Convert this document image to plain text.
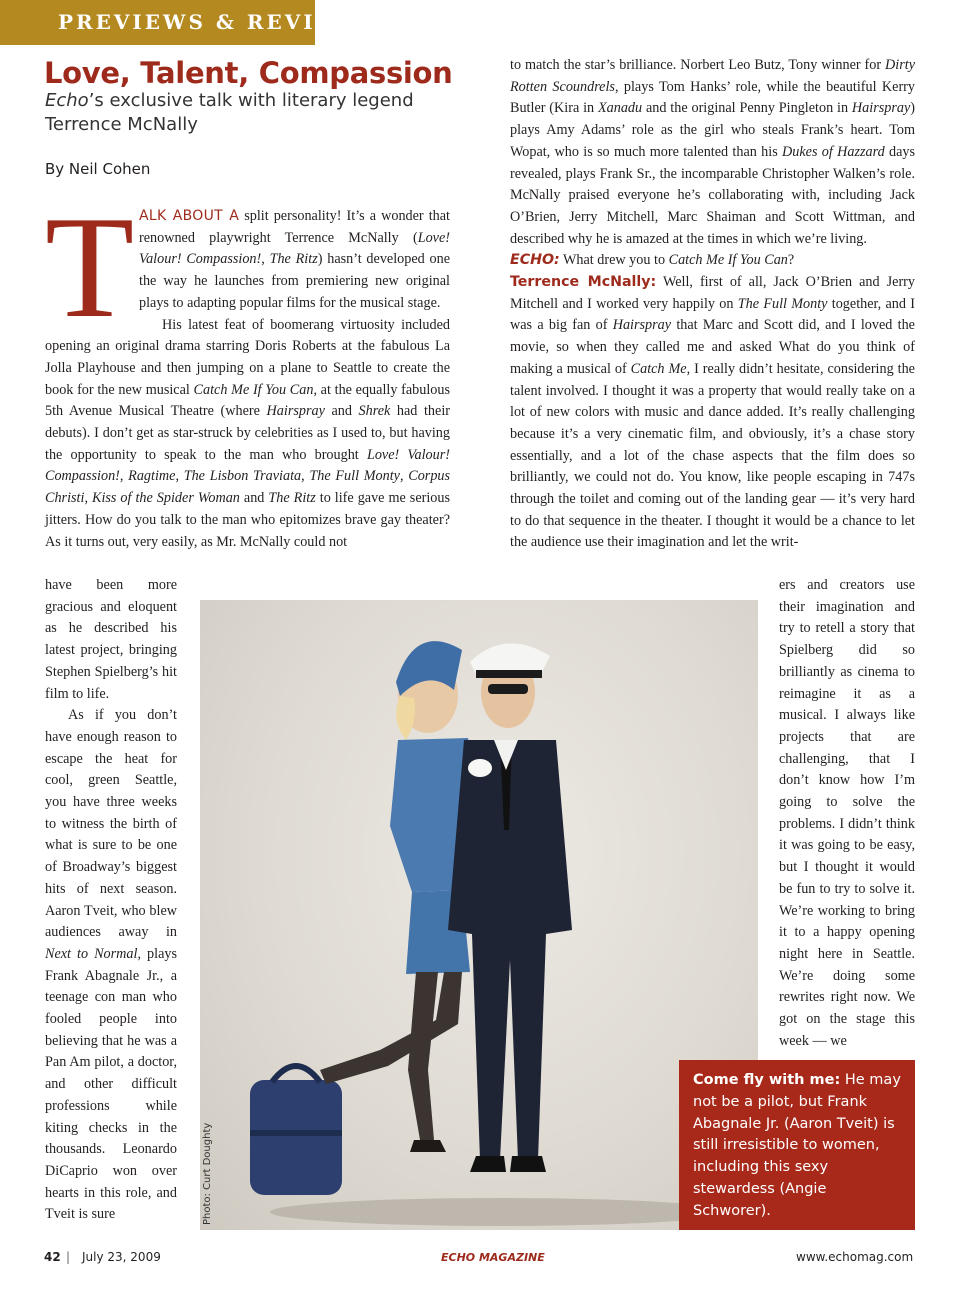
PREVIEWS & REVIEWS
Love, Talent, Compassion
Echo’s exclusive talk with literary legend Terrence McNally
By Neil Cohen

TALK ABOUT A split personality! It’s a wonder that renowned playwright Terrence McNally (Love! Valour! Compassion!, The Ritz) hasn’t developed one the way he launches from premiering new original plays to adapting popular films for the musical stage.

His latest feat of boomerang virtuosity included opening an original drama starring Doris Roberts at the fabulous La Jolla Playhouse and then jumping on a plane to Seattle to create the book for the new musical Catch Me If You Can, at the equally fabulous 5th Avenue Musical Theatre (where Hairspray and Shrek had their debuts). I don’t get as star-struck by celebrities as I used to, but having the opportunity to speak to the man who brought Love! Valour! Compassion!, Ragtime, The Lisbon Traviata, The Full Monty, Corpus Christi, Kiss of the Spider Woman and The Ritz to life gave me serious jitters. How do you talk to the man who epitomizes brave gay theater? As it turns out, very easily, as Mr. McNally could not

have been more gracious and eloquent as he described his latest project, bringing Stephen Spielberg’s hit film to life.

As if you don’t have enough reason to escape the heat for cool, green Seattle, you have three weeks to witness the birth of what is sure to be one of Broadway’s biggest hits of next season. Aaron Tveit, who blew audiences away in Next to Normal, plays Frank Abagnale Jr., a teenage con man who fooled people into believing that he was a Pan Am pilot, a doctor, and other difficult professions while kiting checks in the thousands. Leonardo DiCaprio won over hearts in this role, and Tveit is sure

to match the star’s brilliance. Norbert Leo Butz, Tony winner for Dirty Rotten Scoundrels, plays Tom Hanks’ role, while the beautiful Kerry Butler (Kira in Xanadu and the original Penny Pingleton in Hairspray) plays Amy Adams’ role as the girl who steals Frank’s heart. Tom Wopat, who is so much more talented than his Dukes of Hazzard days revealed, plays Frank Sr., the incomparable Christopher Walken’s role. McNally praised everyone he’s collaborating with, including Jack O’Brien, Jerry Mitchell, Marc Shaiman and Scott Wittman, and described why he is amazed at the times in which we’re living.

ECHO: What drew you to Catch Me If You Can?

Terrence McNally: Well, first of all, Jack O’Brien and Jerry Mitchell and I worked very happily on The Full Monty together, and I was a big fan of Hairspray that Marc and Scott did, and I loved the movie, so when they called me and asked What do you think of making a musical of Catch Me, I really didn’t hesitate, considering the talent involved. I thought it was a property that would really take on a lot of new colors with music and dance added. It’s really challenging because it’s a very cinematic film, and obviously, it’s a chase story essentially, and a lot of the chase aspects that the film does so brilliantly, we could not do. You know, like people escaping in 747s through the toilet and coming out of the landing gear — it’s very hard to do that sequence in the theater. I thought it would be a chance to let the audience use their imagination and let the writ-

ers and creators use their imagination and try to retell a story that Spielberg did so brilliantly as cinema to reimagine it as a musical. I always like projects that are challenging, that I don’t know how I’m going to solve the problems. I didn’t think it was going to be easy, but I thought it would be fun to try to solve it. We’re working to bring it to a happy opening night here in Seattle. We’re doing some rewrites right now. We got on the stage this week — we

Photo: Curt Doughty
Come fly with me: He may not be a pilot, but Frank Abagnale Jr. (Aaron Tveit) is still irresistible to women, including this sexy stewardess (Angie Schworer).
42 | July 23, 2009	ECHO MAGAZINE	www.echomag.com
